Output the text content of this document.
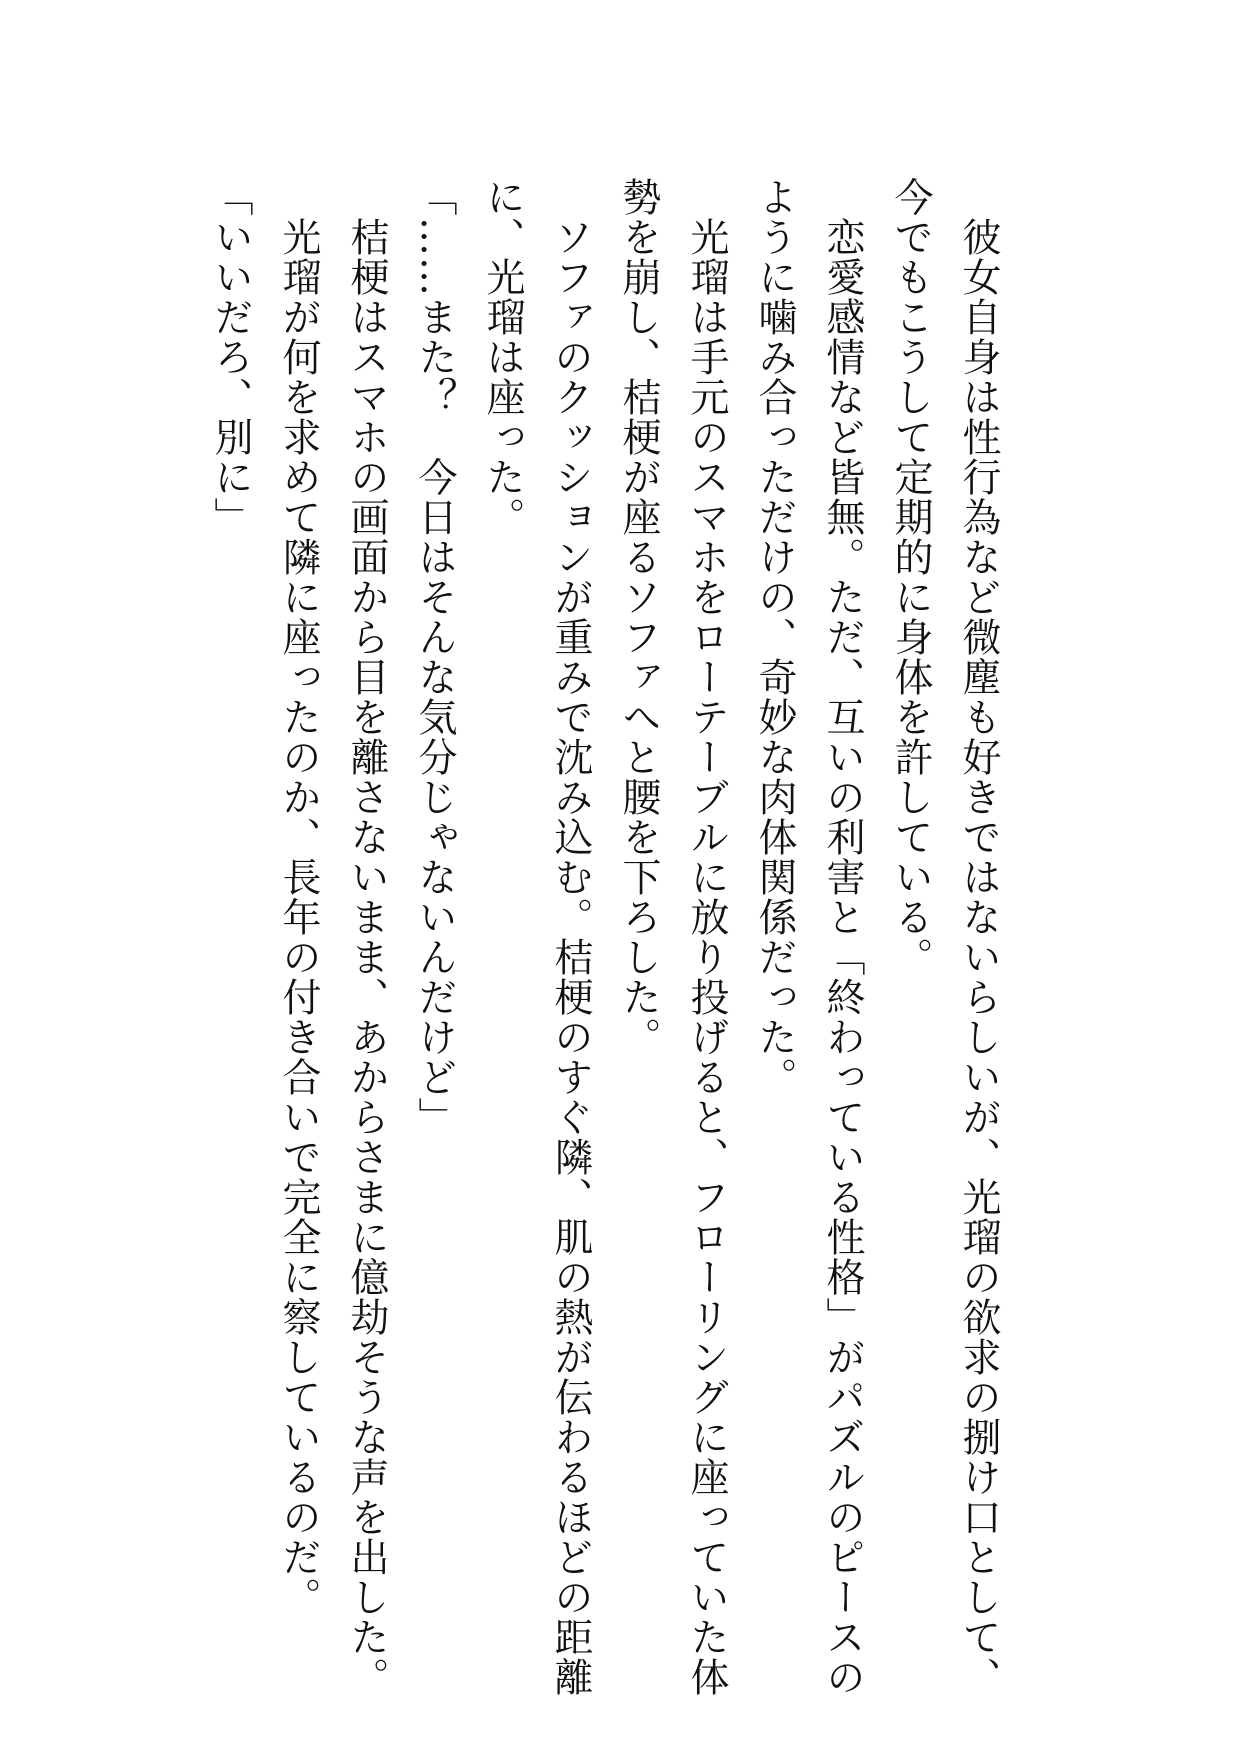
　彼女自身は性行為など微塵も好きではないらしいが、光瑠の欲求の捌け口として、
今でもこうして定期的に身体を許している。
　恋愛感情など皆無。ただ、互いの利害と「終わっている性格」がパズルのピースの
ように噛み合っただけの、奇妙な肉体関係だった。
　光瑠は手元のスマホをローテーブルに放り投げると、フローリングに座っていた体
勢を崩し、桔梗が座るソファへと腰を下ろした。
　ソファのクッションが重みで沈み込む。桔梗のすぐ隣、肌の熱が伝わるほどの距離
に、光瑠は座った。
「……また？　今日はそんな気分じゃないんだけど」
　桔梗はスマホの画面から目を離さないまま、あからさまに億劫そうな声を出した。
　光瑠が何を求めて隣に座ったのか、長年の付き合いで完全に察しているのだ。
「いいだろ、別に」
